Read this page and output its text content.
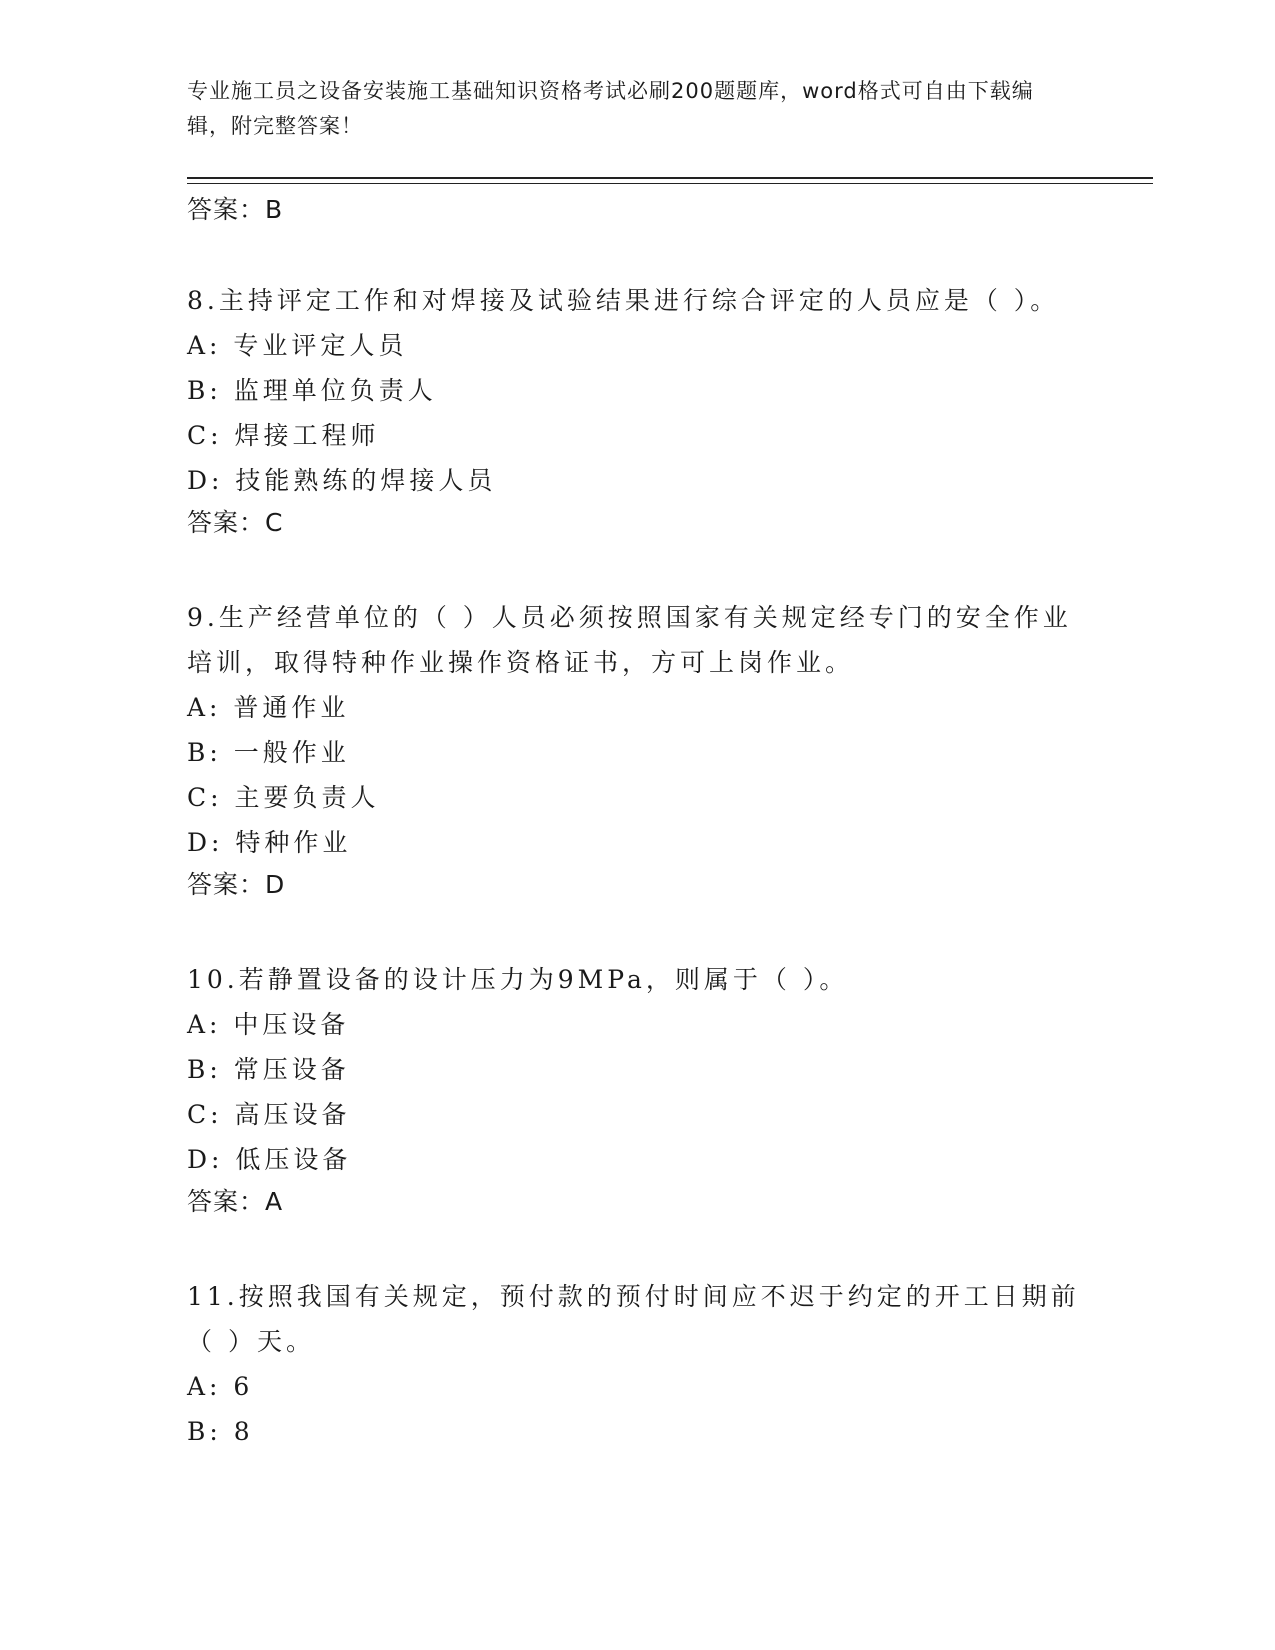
专业施工员之设备安装施工基础知识资格考试必刷200题题库，word格式可自由下载编辑，附完整答案！
答案：B
8.主持评定工作和对焊接及试验结果进行综合评定的人员应是（ ）。
A: 专业评定人员
B: 监理单位负责人
C: 焊接工程师
D: 技能熟练的焊接人员
答案：C
9.生产经营单位的（ ）人员必须按照国家有关规定经专门的安全作业培训，取得特种作业操作资格证书，方可上岗作业。
A: 普通作业
B: 一般作业
C: 主要负责人
D: 特种作业
答案：D
10.若静置设备的设计压力为9MPa，则属于（ ）。
A: 中压设备
B: 常压设备
C: 高压设备
D: 低压设备
答案：A
11.按照我国有关规定，预付款的预付时间应不迟于约定的开工日期前（ ）天。
A: 6
B: 8
